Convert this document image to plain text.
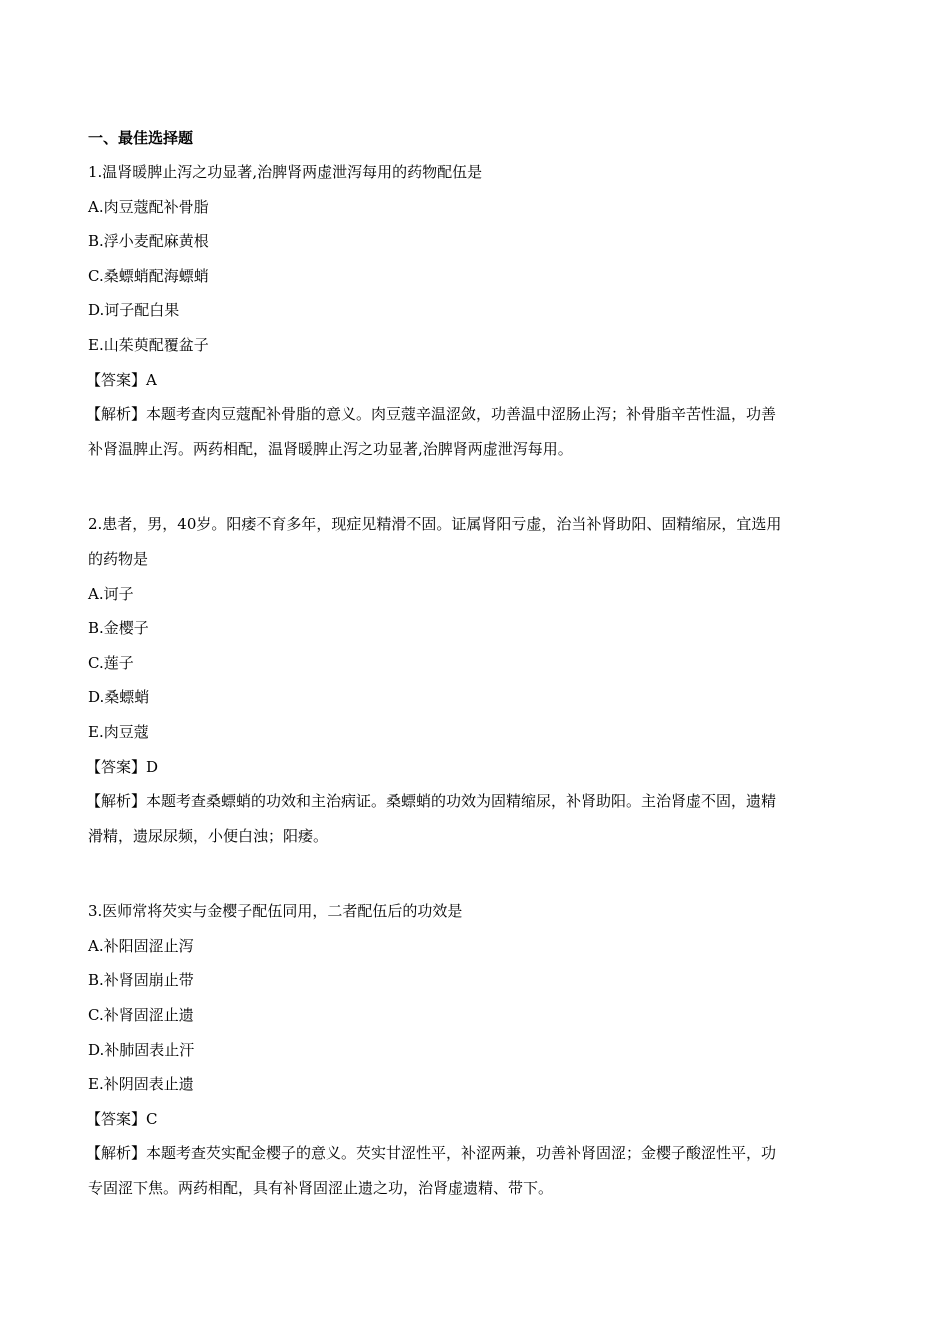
一、最佳选择题
1.温肾暖脾止泻之功显著,治脾肾两虚泄泻每用的药物配伍是
A.肉豆蔻配补骨脂
B.浮小麦配麻黄根
C.桑螵蛸配海螵蛸
D.诃子配白果
E.山茱萸配覆盆子
【答案】A
【解析】本题考查肉豆蔻配补骨脂的意义。肉豆蔻辛温涩敛，功善温中涩肠止泻；补骨脂辛苦性温，功善
补肾温脾止泻。两药相配，温肾暖脾止泻之功显著,治脾肾两虚泄泻每用。
2.患者，男，40岁。阳痿不育多年，现症见精滑不固。证属肾阳亏虚，治当补肾助阳、固精缩尿，宜选用
的药物是
A.诃子
B.金樱子
C.莲子
D.桑螵蛸
E.肉豆蔻
【答案】D
【解析】本题考查桑螵蛸的功效和主治病证。桑螵蛸的功效为固精缩尿，补肾助阳。主治肾虚不固，遗精
滑精，遗尿尿频，小便白浊；阳痿。
3.医师常将芡实与金樱子配伍同用，二者配伍后的功效是
A.补阳固涩止泻
B.补肾固崩止带
C.补肾固涩止遗
D.补肺固表止汗
E.补阴固表止遗
【答案】C
【解析】本题考查芡实配金樱子的意义。芡实甘涩性平，补涩两兼，功善补肾固涩；金樱子酸涩性平，功
专固涩下焦。两药相配，具有补肾固涩止遗之功，治肾虚遗精、带下。
